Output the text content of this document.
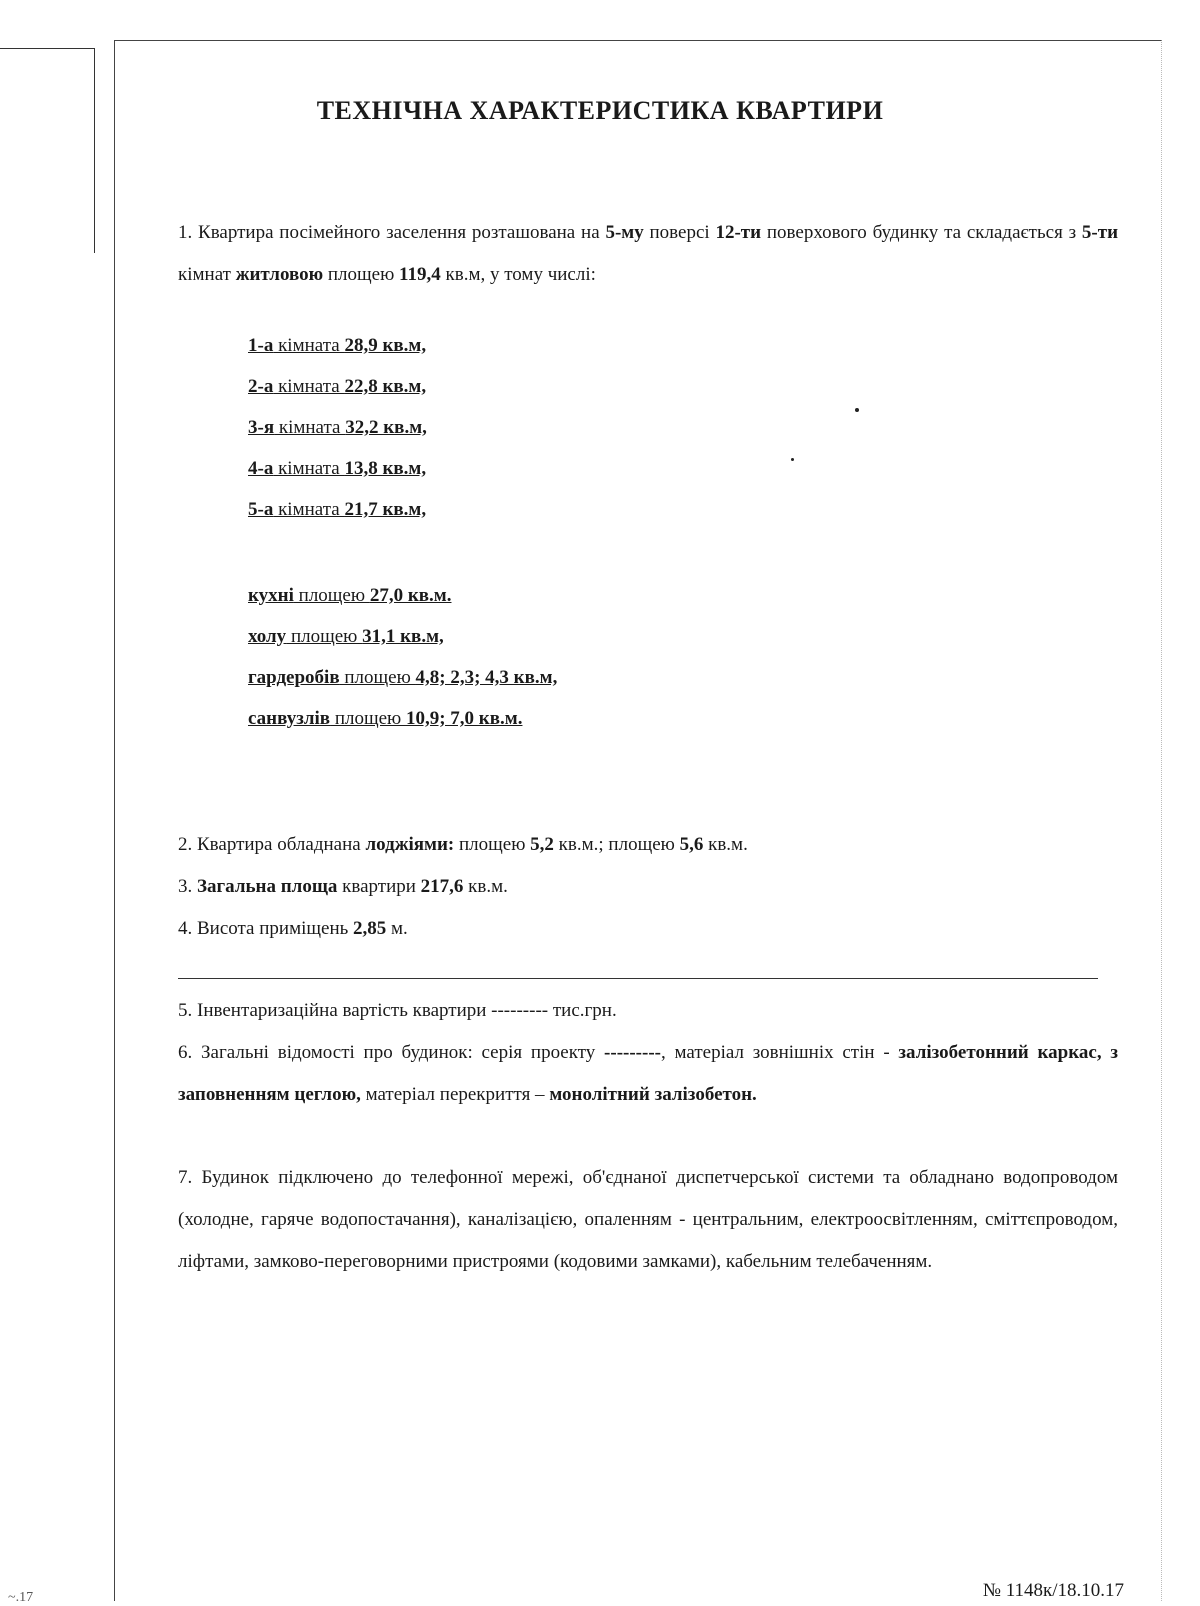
ТЕХНІЧНА ХАРАКТЕРИСТИКА КВАРТИРИ
1. Квартира посімейного заселення розташована на 5-му поверсі 12-ти поверхового будинку та складається з 5-ти кімнат житловою площею 119,4 кв.м, у тому числі:
1-а кімната 28,9 кв.м,
2-а кімната 22,8 кв.м,
3-я кімната 32,2 кв.м,
4-а кімната 13,8 кв.м,
5-а кімната 21,7 кв.м,
кухні площею 27,0 кв.м.
холу площею 31,1 кв.м,
гардеробів площею 4,8; 2,3; 4,3 кв.м,
санвузлів площею 10,9; 7,0 кв.м.
2. Квартира обладнана лоджіями: площею 5,2 кв.м.; площею 5,6 кв.м.
3. Загальна площа квартири 217,6 кв.м.
4. Висота приміщень 2,85 м.
5. Інвентаризаційна вартість квартири --------- тис.грн.
6. Загальні відомості про будинок: серія проекту ---------, матеріал зовнішніх стін - залізобетонний каркас, з заповненням цеглою, матеріал перекриття – монолітний залізобетон.
7. Будинок підключено до телефонної мережі, об'єднаної диспетчерської системи та обладнано водопроводом (холодне, гаряче водопостачання), каналізацією, опаленням - центральним, електроосвітленням, сміттєпроводом, ліфтами, замково-переговорними пристроями (кодовими замками), кабельним телебаченням.
№ 1148к/18.10.17
~.17
